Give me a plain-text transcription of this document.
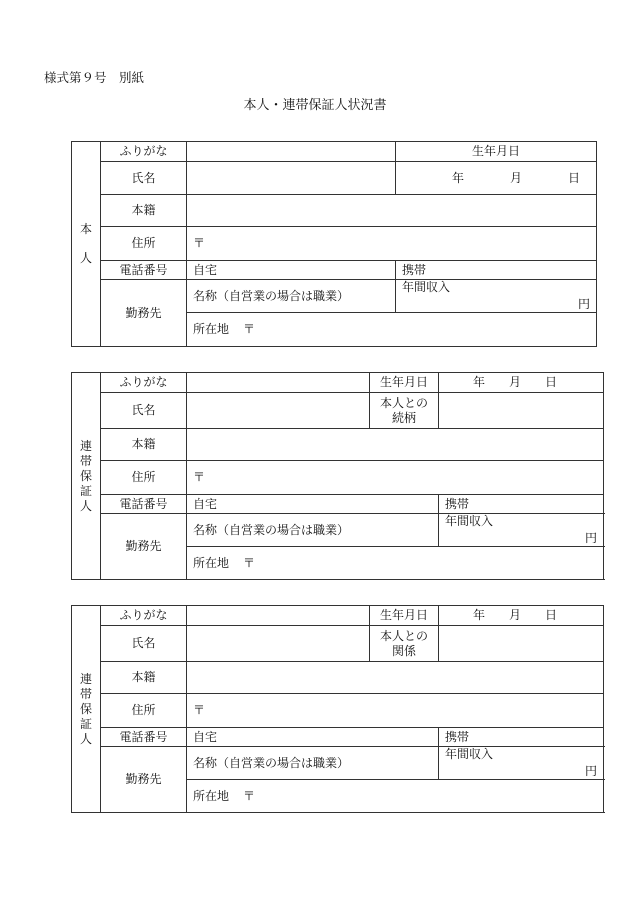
様式第９号　別紙
本人・連帯保証人状況書
本
人	ふりがな		生年月日
	氏名		年 月 日
	本籍		
	住所	〒	
	電話番号	自宅	携帯
	勤務先	名称（自営業の場合は職業）	年間収入
円

		所在地 〒	
連
帯
保
証
人	ふりがな		生年月日	年 月 日
	氏名		本人との
続柄	

	本籍			
	住所	〒		
	電話番号	自宅		携帯
	勤務先	名称（自営業の場合は職業）		年間収入
円

		所在地 〒		
連
帯
保
証
人	ふりがな		生年月日	年 月 日
	氏名		本人との
関係	

	本籍			
	住所	〒		
	電話番号	自宅		携帯
	勤務先	名称（自営業の場合は職業）		年間収入
円

		所在地 〒		
